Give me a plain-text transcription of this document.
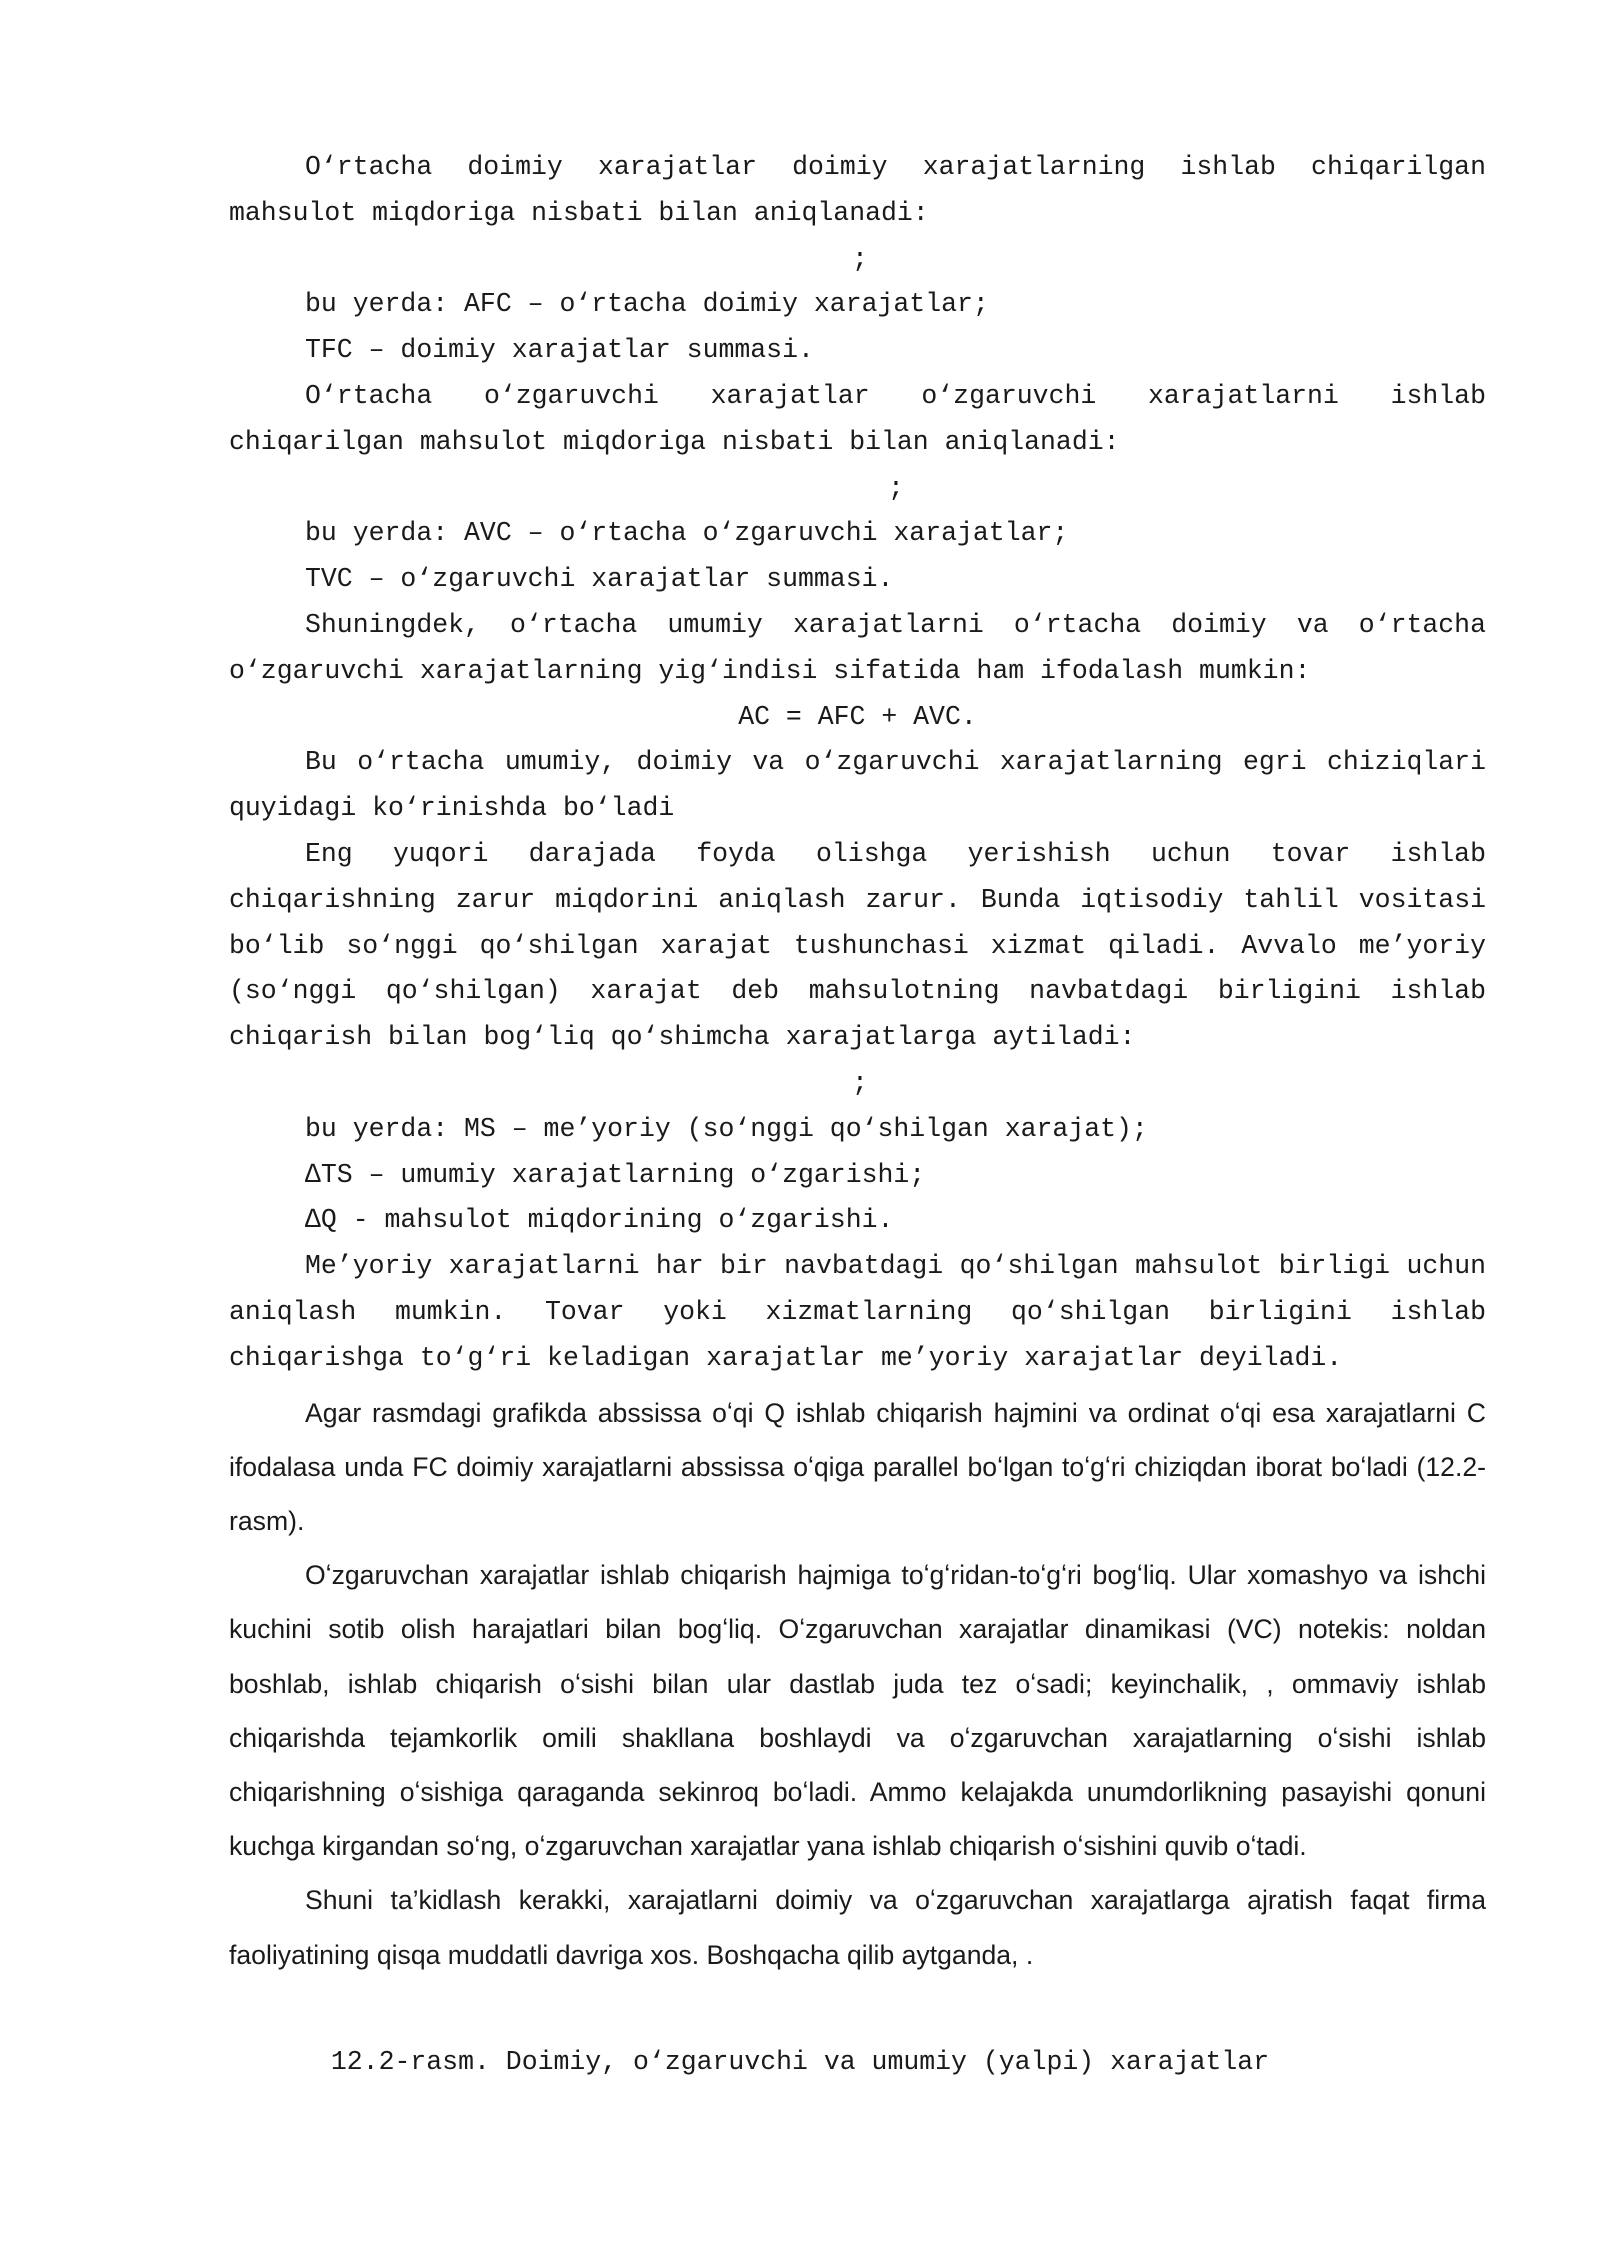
O‘rtacha doimiy xarajatlar doimiy xarajatlarning ishlab chiqarilgan mahsulot miqdoriga nisbati bilan aniqlanadi:

;

bu yerda: AFC – o‘rtacha doimiy xarajatlar;

TFC – doimiy xarajatlar summasi.

O‘rtacha o‘zgaruvchi xarajatlar o‘zgaruvchi xarajatlarni ishlab chiqarilgan mahsulot miqdoriga nisbati bilan aniqlanadi:

;

bu yerda: AVC – o‘rtacha o‘zgaruvchi xarajatlar;

TVC – o‘zgaruvchi xarajatlar summasi.

Shuningdek, o‘rtacha umumiy xarajatlarni o‘rtacha doimiy va o‘rtacha o‘zgaruvchi xarajatlarning yig‘indisi sifatida ham ifodalash mumkin:

AC = AFC + AVC.

Bu o‘rtacha umumiy, doimiy va o‘zgaruvchi xarajatlarning egri chiziqlari quyidagi ko‘rinishda bo‘ladi

Eng yuqori darajada foyda olishga yerishish uchun tovar ishlab chiqarishning zarur miqdorini aniqlash zarur. Bunda iqtisodiy tahlil vositasi bo‘lib so‘nggi qo‘shilgan xarajat tushunchasi xizmat qiladi. Avvalo me’yoriy (so‘nggi qo‘shilgan) xarajat deb mahsulotning navbatdagi birligini ishlab chiqarish bilan bog‘liq qo‘shimcha xarajatlarga aytiladi:

;

bu yerda: MS – me’yoriy (so‘nggi qo‘shilgan xarajat);

∆TS – umumiy xarajatlarning o‘zgarishi;

∆Q - mahsulot miqdorining o‘zgarishi.

Me’yoriy xarajatlarni har bir navbatdagi qo‘shilgan mahsulot birligi uchun aniqlash mumkin. Tovar yoki xizmatlarning qo‘shilgan birligini ishlab chiqarishga to‘g‘ri keladigan xarajatlar me’yoriy xarajatlar deyiladi.

Agar rasmdagi grafikda abssissa oʻqi Q ishlab chiqarish hajmini va ordinat oʻqi esa xarajatlarni C ifodalasa unda FC doimiy xarajatlarni abssissa oʻqiga parallel boʻlgan toʻgʻri chiziqdan iborat boʻladi (12.2-rasm).

Oʻzgaruvchan xarajatlar ishlab chiqarish hajmiga toʻgʻridan-toʻgʻri bogʻliq. Ular xomashyo va ishchi kuchini sotib olish harajatlari bilan bogʻliq. Oʻzgaruvchan xarajatlar dinamikasi (VC) notekis: noldan boshlab, ishlab chiqarish oʻsishi bilan ular dastlab juda tez oʻsadi; keyinchalik, , ommaviy ishlab chiqarishda tejamkorlik omili shakllana boshlaydi va oʻzgaruvchan xarajatlarning oʻsishi ishlab chiqarishning oʻsishiga qaraganda sekinroq boʻladi. Ammo kelajakda unumdorlikning pasayishi qonuni kuchga kirgandan soʻng, oʻzgaruvchan xarajatlar yana ishlab chiqarish oʻsishini quvib oʻtadi.

Shuni ta’kidlash kerakki, xarajatlarni doimiy va oʻzgaruvchan xarajatlarga ajratish faqat firma faoliyatining qisqa muddatli davriga xos. Boshqacha qilib aytganda, .

12.2-rasm. Doimiy, o‘zgaruvchi va umumiy (yalpi) xarajatlar
